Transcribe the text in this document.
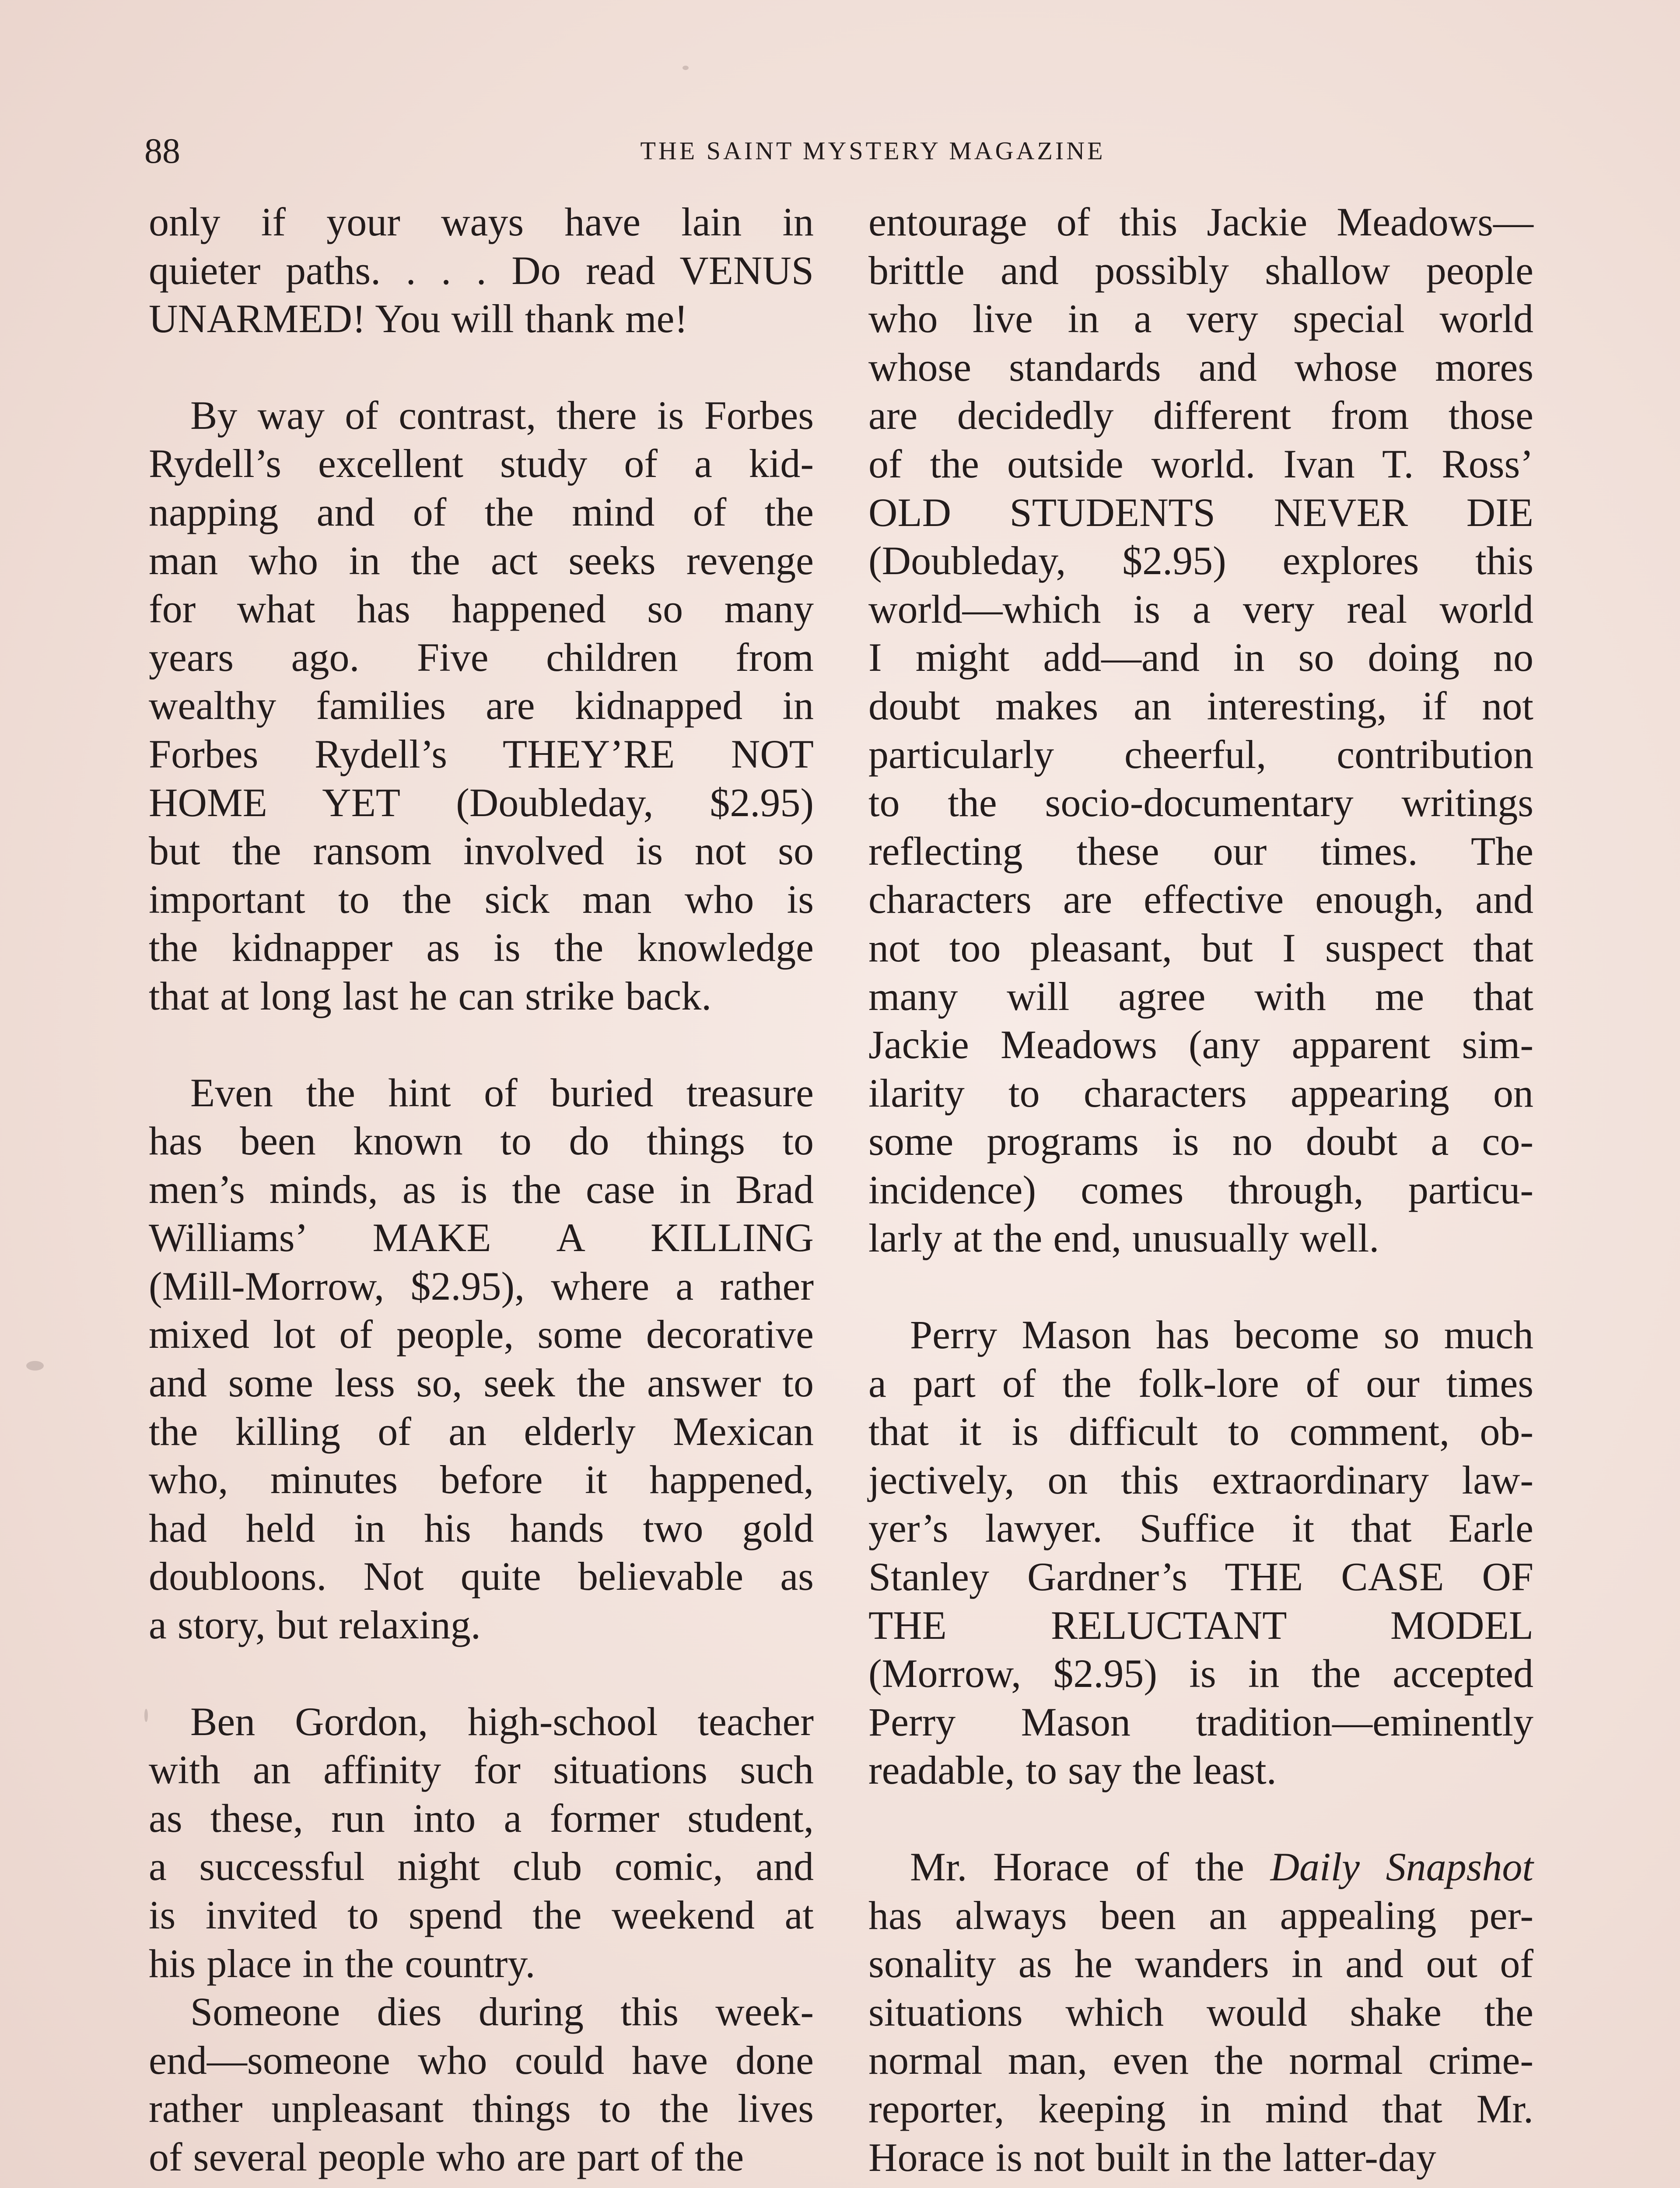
88	THE SAINT MYSTERY MAGAZINE
only if your ways have lain in
quieter paths. . . . Do read VENUS
UNARMED! You will thank me!
By way of contrast, there is Forbes
Rydell’s excellent study of a kid-
napping and of the mind of the
man who in the act seeks revenge
for what has happened so many
years ago. Five children from
wealthy families are kidnapped in
Forbes Rydell’s THEY’RE NOT
HOME YET (Doubleday, $2.95)
but the ransom involved is not so
important to the sick man who is
the kidnapper as is the knowledge
that at long last he can strike back.
Even the hint of buried treasure
has been known to do things to
men’s minds, as is the case in Brad
Williams’ MAKE A KILLING
(Mill-Morrow, $2.95), where a rather
mixed lot of people, some decorative
and some less so, seek the answer to
the killing of an elderly Mexican
who, minutes before it happened,
had held in his hands two gold
doubloons. Not quite believable as
a story, but relaxing.
Ben Gordon, high-school teacher
with an affinity for situations such
as these, run into a former student,
a successful night club comic, and
is invited to spend the weekend at
his place in the country.
Someone dies during this week-
end—someone who could have done
rather unpleasant things to the lives
of several people who are part of the
entourage of this Jackie Meadows—
brittle and possibly shallow people
who live in a very special world
whose standards and whose mores
are decidedly different from those
of the outside world. Ivan T. Ross’
OLD STUDENTS NEVER DIE
(Doubleday, $2.95) explores this
world—which is a very real world
I might add—and in so doing no
doubt makes an interesting, if not
particularly cheerful, contribution
to the socio-documentary writings
reflecting these our times. The
characters are effective enough, and
not too pleasant, but I suspect that
many will agree with me that
Jackie Meadows (any apparent sim-
ilarity to characters appearing on
some programs is no doubt a co-
incidence) comes through, particu-
larly at the end, unusually well.
Perry Mason has become so much
a part of the folk-lore of our times
that it is difficult to comment, ob-
jectively, on this extraordinary law-
yer’s lawyer. Suffice it that Earle
Stanley Gardner’s THE CASE OF
THE RELUCTANT MODEL
(Morrow, $2.95) is in the accepted
Perry Mason tradition—eminently
readable, to say the least.
Mr. Horace of the Daily Snapshot
has always been an appealing per-
sonality as he wanders in and out of
situations which would shake the
normal man, even the normal crime-
reporter, keeping in mind that Mr.
Horace is not built in the latter-day
